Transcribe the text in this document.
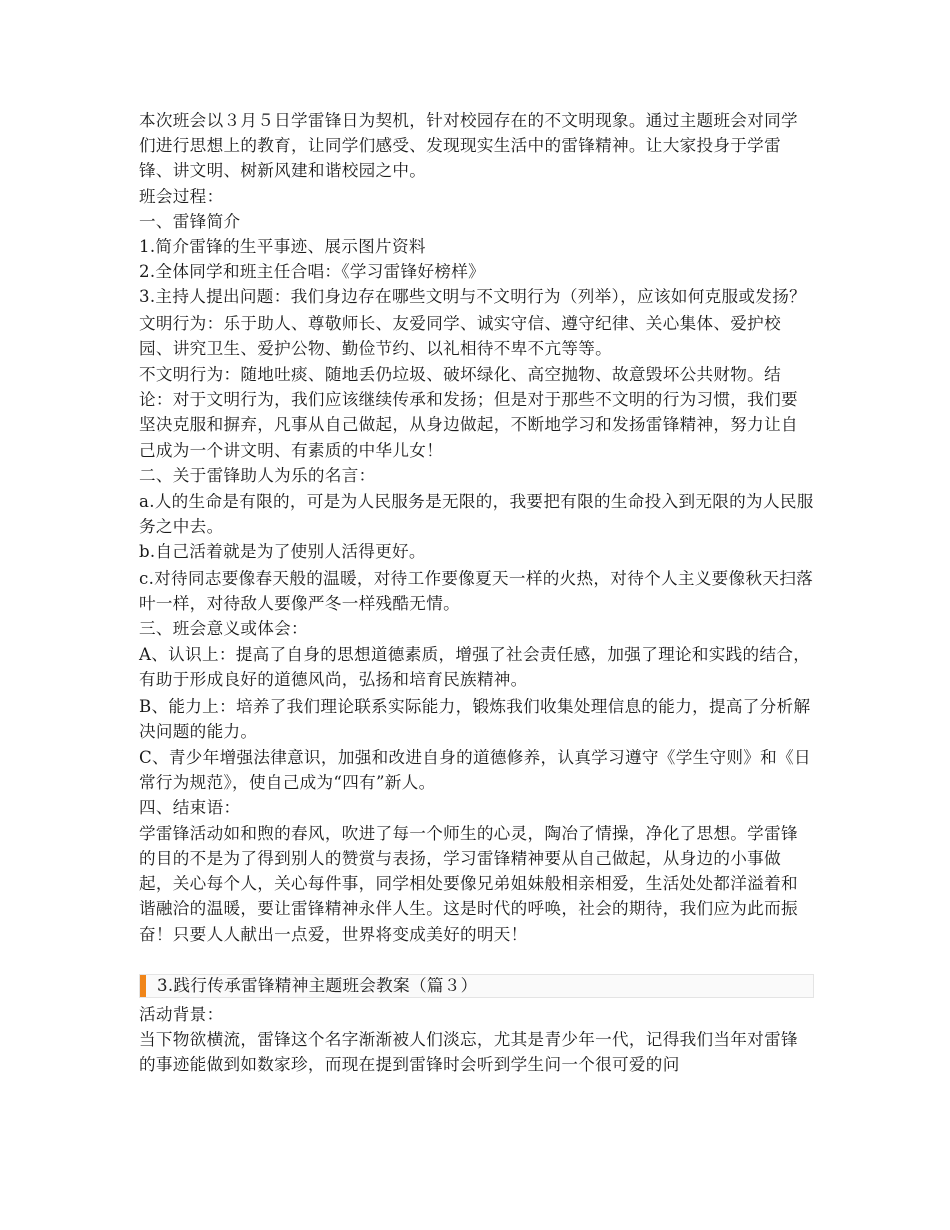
本次班会以３月５日学雷锋日为契机，针对校园存在的不文明现象。通过主题班会对同学们进行思想上的教育，让同学们感受、发现现实生活中的雷锋精神。让大家投身于学雷锋、讲文明、树新风建和谐校园之中。

班会过程：

一、雷锋简介

1.简介雷锋的生平事迹、展示图片资料

2.全体同学和班主任合唱：《学习雷锋好榜样》

3.主持人提出问题：我们身边存在哪些文明与不文明行为（列举），应该如何克服或发扬？

文明行为：乐于助人、尊敬师长、友爱同学、诚实守信、遵守纪律、关心集体、爱护校园、讲究卫生、爱护公物、勤俭节约、以礼相待不卑不亢等等。

不文明行为：随地吐痰、随地丢仍垃圾、破坏绿化、高空抛物、故意毁坏公共财物。结论：对于文明行为，我们应该继续传承和发扬；但是对于那些不文明的行为习惯，我们要坚决克服和摒弃，凡事从自己做起，从身边做起，不断地学习和发扬雷锋精神，努力让自己成为一个讲文明、有素质的中华儿女！

二、关于雷锋助人为乐的名言：

a.人的生命是有限的，可是为人民服务是无限的，我要把有限的生命投入到无限的为人民服务之中去。

b.自己活着就是为了使别人活得更好。

c.对待同志要像春天般的温暖，对待工作要像夏天一样的火热，对待个人主义要像秋天扫落叶一样，对待敌人要像严冬一样残酷无情。

三、班会意义或体会：

A、认识上：提高了自身的思想道德素质，增强了社会责任感，加强了理论和实践的结合，有助于形成良好的道德风尚，弘扬和培育民族精神。

B、能力上：培养了我们理论联系实际能力，锻炼我们收集处理信息的能力，提高了分析解决问题的能力。

C、青少年增强法律意识，加强和改进自身的道德修养，认真学习遵守《学生守则》和《日常行为规范》，使自己成为“四有”新人。

四、结束语：

学雷锋活动如和煦的春风，吹进了每一个师生的心灵，陶冶了情操，净化了思想。学雷锋的目的不是为了得到别人的赞赏与表扬，学习雷锋精神要从自己做起，从身边的小事做起，关心每个人，关心每件事，同学相处要像兄弟姐妹般相亲相爱，生活处处都洋溢着和谐融洽的温暖，要让雷锋精神永伴人生。这是时代的呼唤，社会的期待，我们应为此而振奋！只要人人献出一点爱，世界将变成美好的明天！

3.践行传承雷锋精神主题班会教案（篇３）

活动背景：

当下物欲横流，雷锋这个名字渐渐被人们淡忘，尤其是青少年一代，记得我们当年对雷锋的事迹能做到如数家珍，而现在提到雷锋时会听到学生问一个很可爱的问
